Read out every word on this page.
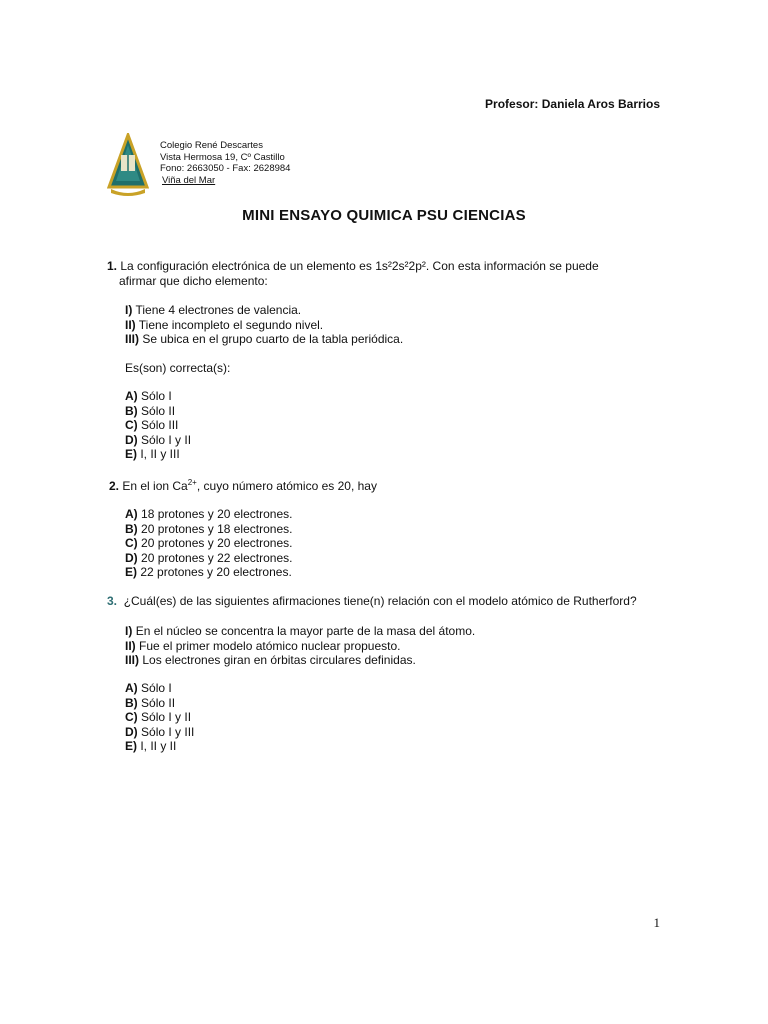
Profesor: Daniela Aros Barrios
Colegio René Descartes
Vista Hermosa 19, Cº Castillo
Fono: 2663050 - Fax: 2628984
Viña del Mar
MINI ENSAYO QUIMICA PSU CIENCIAS
1. La configuración electrónica de un elemento es 1s²2s²2p². Con esta información se puede
afirmar que dicho elemento:
I) Tiene 4 electrones de valencia.
II) Tiene incompleto el segundo nivel.
III) Se ubica en el grupo cuarto de la tabla periódica.
Es(son) correcta(s):
A) Sólo I
B) Sólo II
C) Sólo III
D) Sólo I y II
E) I, II y III
2. En el ion $Ca^{2+}$, cuyo número atómico es 20, hay
A) 18 protones y 20 electrones.
B) 20 protones y 18 electrones.
C) 20 protones y 20 electrones.
D) 20 protones y 22 electrones.
E) 22 protones y 20 electrones.
3. ¿Cuál(es) de las siguientes afirmaciones tiene(n) relación con el modelo atómico de Rutherford?
I) En el núcleo se concentra la mayor parte de la masa del átomo.
II) Fue el primer modelo atómico nuclear propuesto.
III) Los electrones giran en órbitas circulares definidas.
A) Sólo I
B) Sólo II
C) Sólo I y II
D) Sólo I y III
E) I, II y II
1
